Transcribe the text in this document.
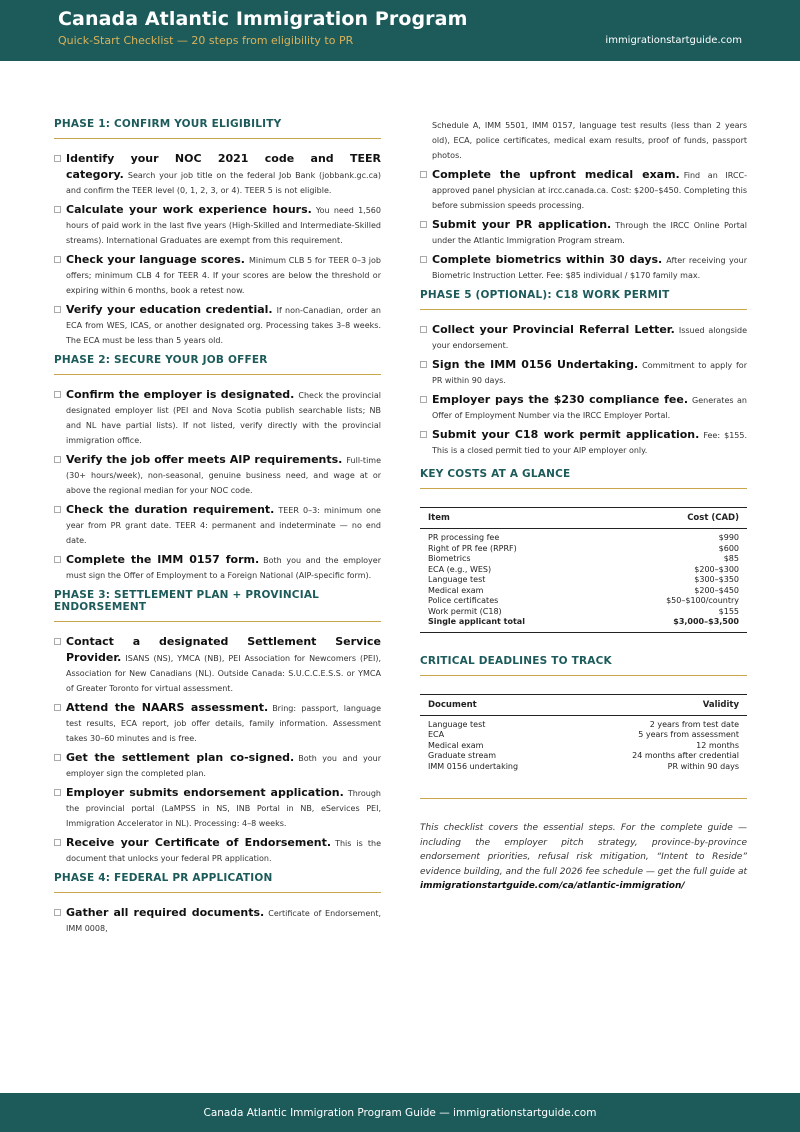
Canada Atlantic Immigration Program
Quick-Start Checklist — 20 steps from eligibility to PR	immigrationstartguide.com
PHASE 1: CONFIRM YOUR ELIGIBILITY
Identify your NOC 2021 code and TEER category. Search your job title on the federal Job Bank (jobbank.gc.ca) and confirm the TEER level (0, 1, 2, 3, or 4). TEER 5 is not eligible.
Calculate your work experience hours. You need 1,560 hours of paid work in the last five years (High-Skilled and Intermediate-Skilled streams). International Graduates are exempt from this requirement.
Check your language scores. Minimum CLB 5 for TEER 0–3 job offers; minimum CLB 4 for TEER 4. If your scores are below the threshold or expiring within 6 months, book a retest now.
Verify your education credential. If non-Canadian, order an ECA from WES, ICAS, or another designated org. Processing takes 3–8 weeks. The ECA must be less than 5 years old.
PHASE 2: SECURE YOUR JOB OFFER
Confirm the employer is designated. Check the provincial designated employer list (PEI and Nova Scotia publish searchable lists; NB and NL have partial lists). If not listed, verify directly with the provincial immigration office.
Verify the job offer meets AIP requirements. Full-time (30+ hours/week), non-seasonal, genuine business need, and wage at or above the regional median for your NOC code.
Check the duration requirement. TEER 0–3: minimum one year from PR grant date. TEER 4: permanent and indeterminate — no end date.
Complete the IMM 0157 form. Both you and the employer must sign the Offer of Employment to a Foreign National (AIP-specific form).
PHASE 3: SETTLEMENT PLAN + PROVINCIAL ENDORSEMENT
Contact a designated Settlement Service Provider. ISANS (NS), YMCA (NB), PEI Association for Newcomers (PEI), Association for New Canadians (NL). Outside Canada: S.U.C.C.E.S.S. or YMCA of Greater Toronto for virtual assessment.
Attend the NAARS assessment. Bring: passport, language test results, ECA report, job offer details, family information. Assessment takes 30–60 minutes and is free.
Get the settlement plan co-signed. Both you and your employer sign the completed plan.
Employer submits endorsement application. Through the provincial portal (LaMPSS in NS, INB Portal in NB, eServices PEI, Immigration Accelerator in NL). Processing: 4–8 weeks.
Receive your Certificate of Endorsement. This is the document that unlocks your federal PR application.
PHASE 4: FEDERAL PR APPLICATION
Gather all required documents. Certificate of Endorsement, IMM 0008,
Schedule A, IMM 5501, IMM 0157, language test results (less than 2 years old), ECA, police certificates, medical exam results, proof of funds, passport photos.
Complete the upfront medical exam. Find an IRCC-approved panel physician at ircc.canada.ca. Cost: $200–$450. Completing this before submission speeds processing.
Submit your PR application. Through the IRCC Online Portal under the Atlantic Immigration Program stream.
Complete biometrics within 30 days. After receiving your Biometric Instruction Letter. Fee: $85 individual / $170 family max.
PHASE 5 (OPTIONAL): C18 WORK PERMIT
Collect your Provincial Referral Letter. Issued alongside your endorsement.
Sign the IMM 0156 Undertaking. Commitment to apply for PR within 90 days.
Employer pays the $230 compliance fee. Generates an Offer of Employment Number via the IRCC Employer Portal.
Submit your C18 work permit application. Fee: $155. This is a closed permit tied to your AIP employer only.
KEY COSTS AT A GLANCE
Item	Cost (CAD)
PR processing fee	$990
Right of PR fee (RPRF)	$600
Biometrics	$85
ECA (e.g., WES)	$200–$300
Language test	$300–$350
Medical exam	$200–$450
Police certificates	$50–$100/country
Work permit (C18)	$155
Single applicant total	$3,000–$3,500
CRITICAL DEADLINES TO TRACK
Document	Validity
Language test	2 years from test date
ECA	5 years from assessment
Medical exam	12 months
Graduate stream	24 months after credential
IMM 0156 undertaking	PR within 90 days
This checklist covers the essential steps. For the complete guide — including the employer pitch strategy, province-by-province endorsement priorities, refusal risk mitigation, “Intent to Reside” evidence building, and the full 2026 fee schedule — get the full guide at immigrationstartguide.com/ca/atlantic-immigration/
Canada Atlantic Immigration Program Guide — immigrationstartguide.com
